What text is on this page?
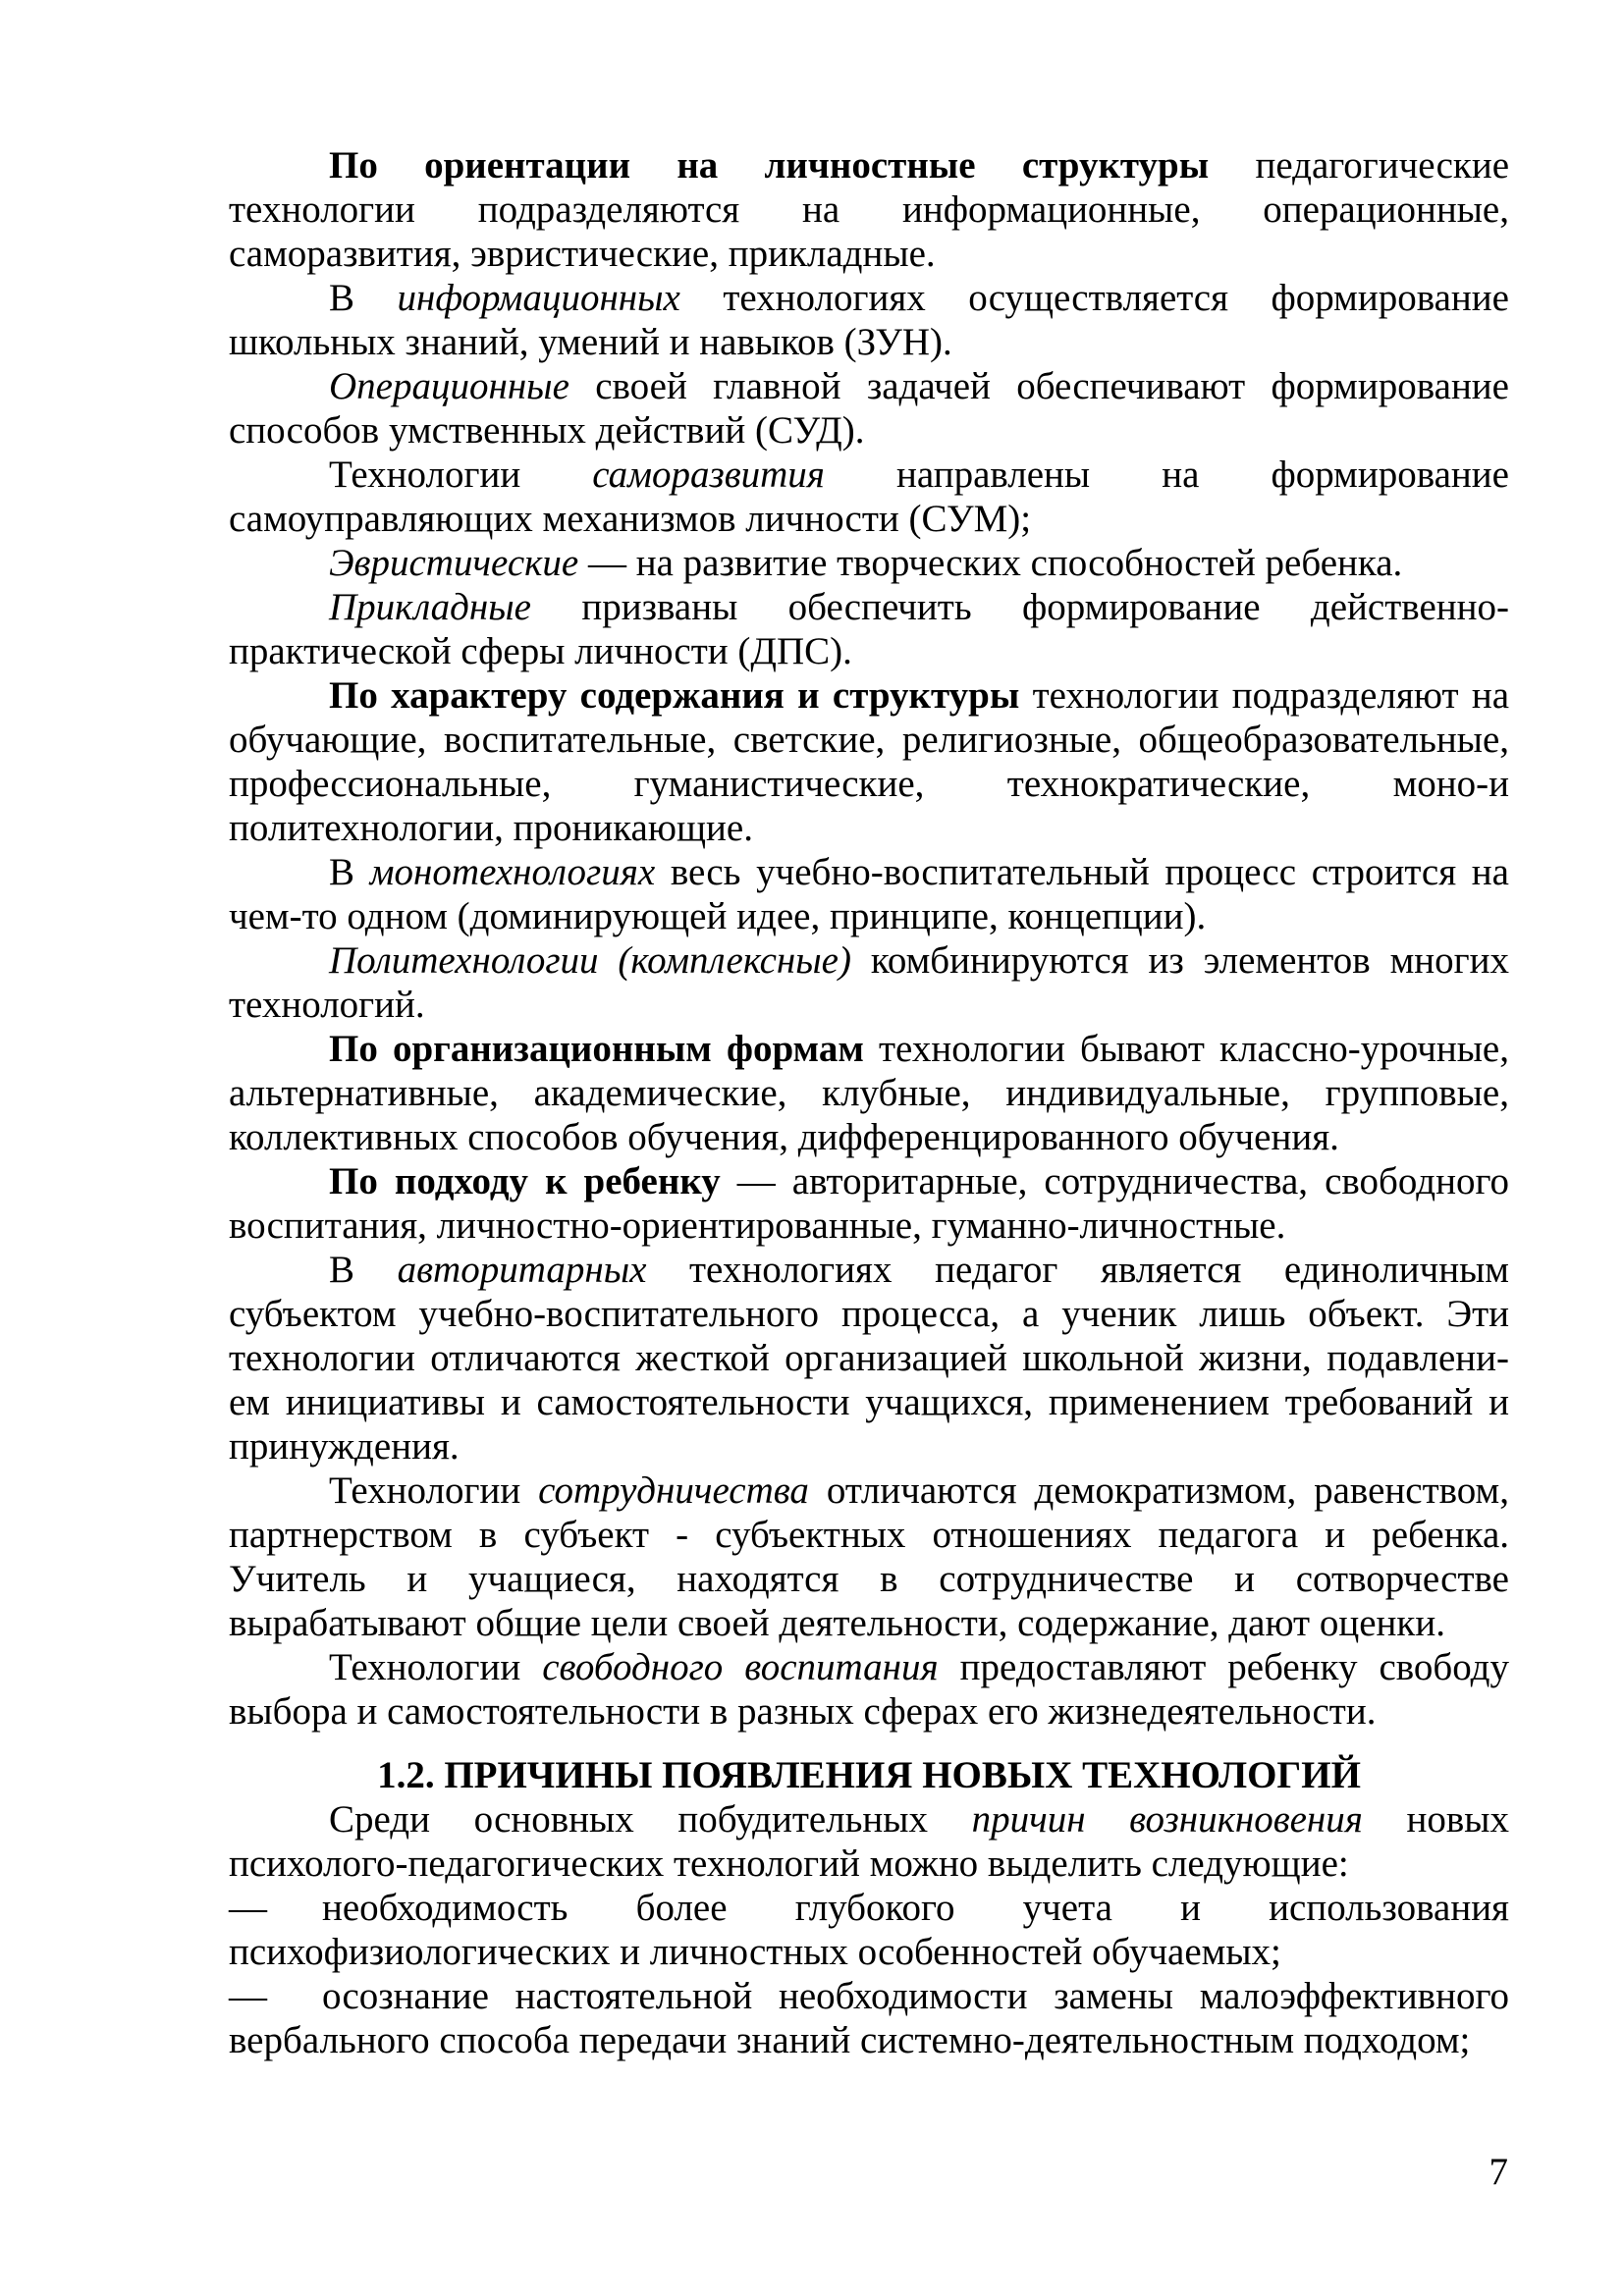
По ориентации на личностные структуры педагогические технологии подразделяются на информационные, операционные, саморазвития, эвристические, прикладные.

В информационных технологиях осуществляется формирование школьных знаний, умений и навыков (ЗУН).

Операционные своей главной задачей обеспечивают формирование способов умственных действий (СУД).

Технологии саморазвития направлены на формирование самоуправляющих механизмов личности (СУМ);

Эвристические — на развитие творческих способностей ребенка.

Прикладные призваны обеспечить формирование действенно-практической сферы личности (ДПС).

По характеру содержания и структуры технологии подразделяют на обучающие, воспитательные, светские, религиозные, общеобразовательные, профессиональные, гуманистические, технократические, моно-и политехнологии, проникающие.

В монотехнологиях весь учебно-воспитательный процесс строится на чем-то одном (доминирующей идее, принципе, концепции).

Политехнологии (комплексные) комбинируются из элементов многих технологий.

По организационным формам технологии бывают классно-урочные, альтернативные, академические, клубные, индивидуальные, групповые, коллективных способов обучения, дифференцированного обучения.

По подходу к ребенку — авторитарные, сотрудничества, свободного воспитания, личностно-ориентированные, гуманно-личностные.

В авторитарных технологиях педагог является единоличным субъектом учебно-воспитательного процесса, а ученик лишь объект. Эти технологии отличаются жесткой организацией школьной жизни, подавлени-ем инициативы и самостоятельности учащихся, применением требований и принуждения.

Технологии сотрудничества отличаются демократизмом, равенством, партнерством в субъект - субъектных отношениях педагога и ребенка. Учитель и учащиеся, находятся в сотрудничестве и сотворчестве вырабатывают общие цели своей деятельности, содержание, дают оценки.

Технологии свободного воспитания предоставляют ребенку свободу выбора и самостоятельности в разных сферах его жизнедеятельности.

1.2. ПРИЧИНЫ ПОЯВЛЕНИЯ НОВЫХ ТЕХНОЛОГИЙ

Среди основных побудительных причин возникновения новых психолого-педагогических технологий можно выделить следующие:

— необходимость более глубокого учета и использования психофизиологических и личностных особенностей обучаемых;

— осознание настоятельной необходимости замены малоэффективного вербального способа передачи знаний системно-деятельностным подходом;

7
